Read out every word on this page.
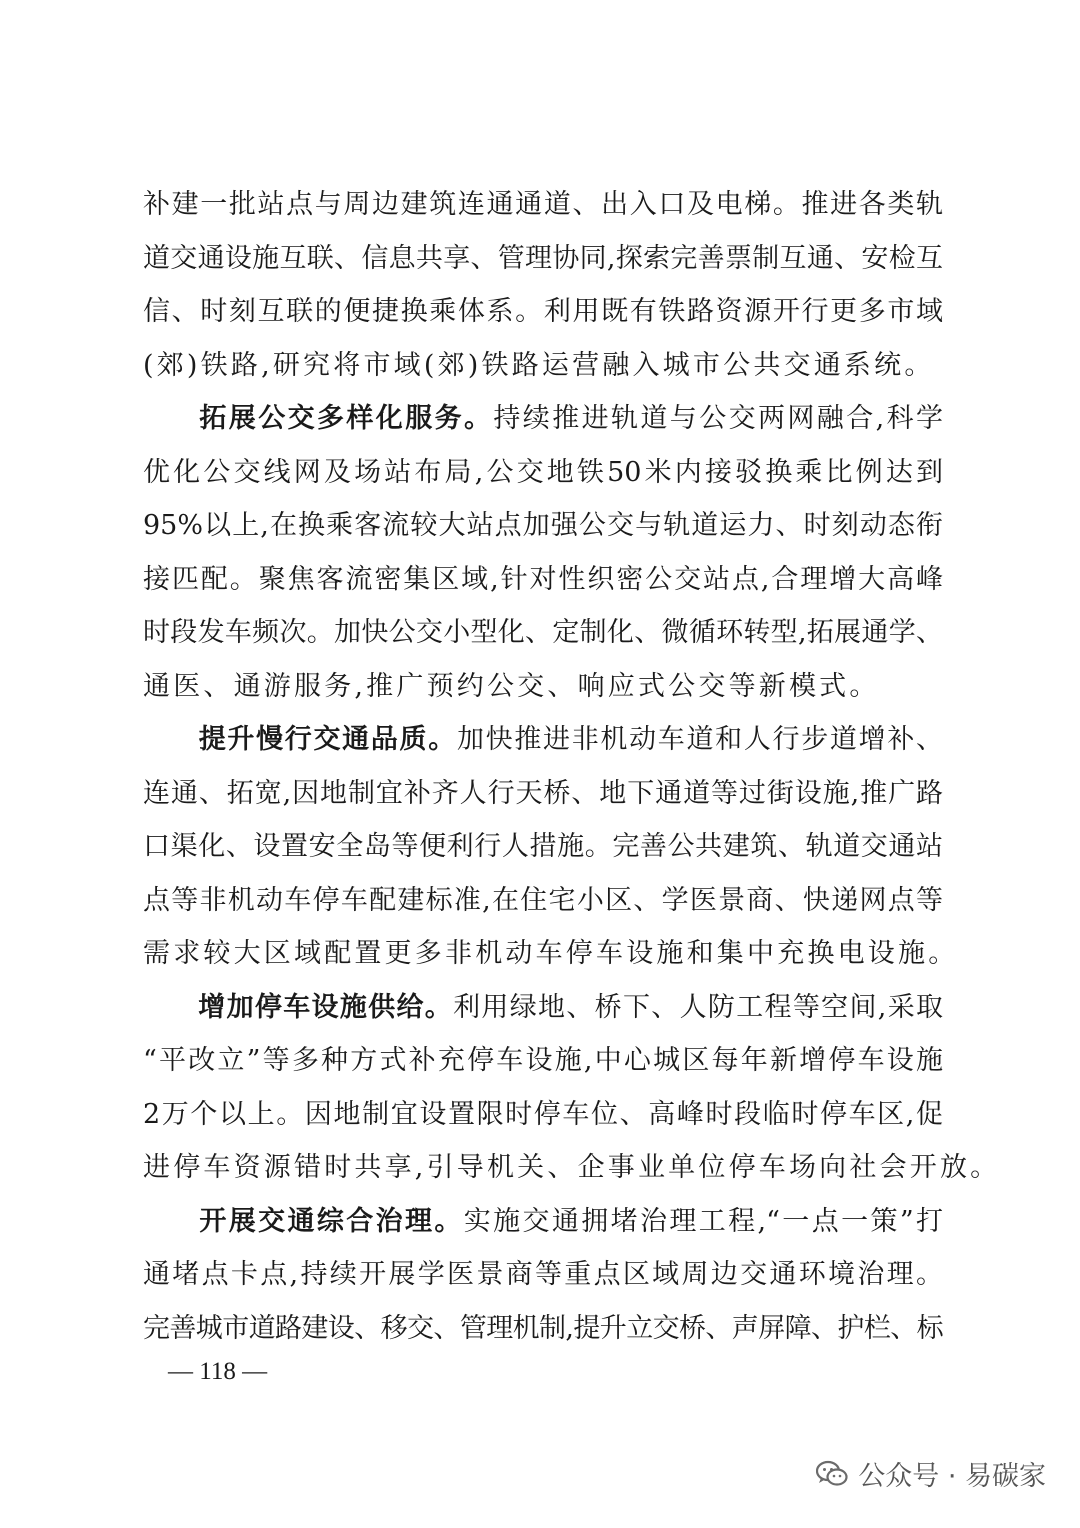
补建一批站点与周边建筑连通通道、出入口及电梯。推进各类轨
道交通设施互联、信息共享、管理协同,探索完善票制互通、安检互
信、时刻互联的便捷换乘体系。利用既有铁路资源开行更多市域
(郊)铁路,研究将市域(郊)铁路运营融入城市公共交通系统。
拓展公交多样化服务。持续推进轨道与公交两网融合,科学
优化公交线网及场站布局,公交地铁50米内接驳换乘比例达到
95%以上,在换乘客流较大站点加强公交与轨道运力、时刻动态衔
接匹配。聚焦客流密集区域,针对性织密公交站点,合理增大高峰
时段发车频次。加快公交小型化、定制化、微循环转型,拓展通学、
通医、通游服务,推广预约公交、响应式公交等新模式。
提升慢行交通品质。加快推进非机动车道和人行步道增补、
连通、拓宽,因地制宜补齐人行天桥、地下通道等过街设施,推广路
口渠化、设置安全岛等便利行人措施。完善公共建筑、轨道交通站
点等非机动车停车配建标准,在住宅小区、学医景商、快递网点等
需求较大区域配置更多非机动车停车设施和集中充换电设施。
增加停车设施供给。利用绿地、桥下、人防工程等空间,采取
“平改立”等多种方式补充停车设施,中心城区每年新增停车设施
2万个以上。因地制宜设置限时停车位、高峰时段临时停车区,促
进停车资源错时共享,引导机关、企事业单位停车场向社会开放。
开展交通综合治理。实施交通拥堵治理工程,“一点一策”打
通堵点卡点,持续开展学医景商等重点区域周边交通环境治理。
完善城市道路建设、移交、管理机制,提升立交桥、声屏障、护栏、标
— 118 —
公众号 · 易碳家
